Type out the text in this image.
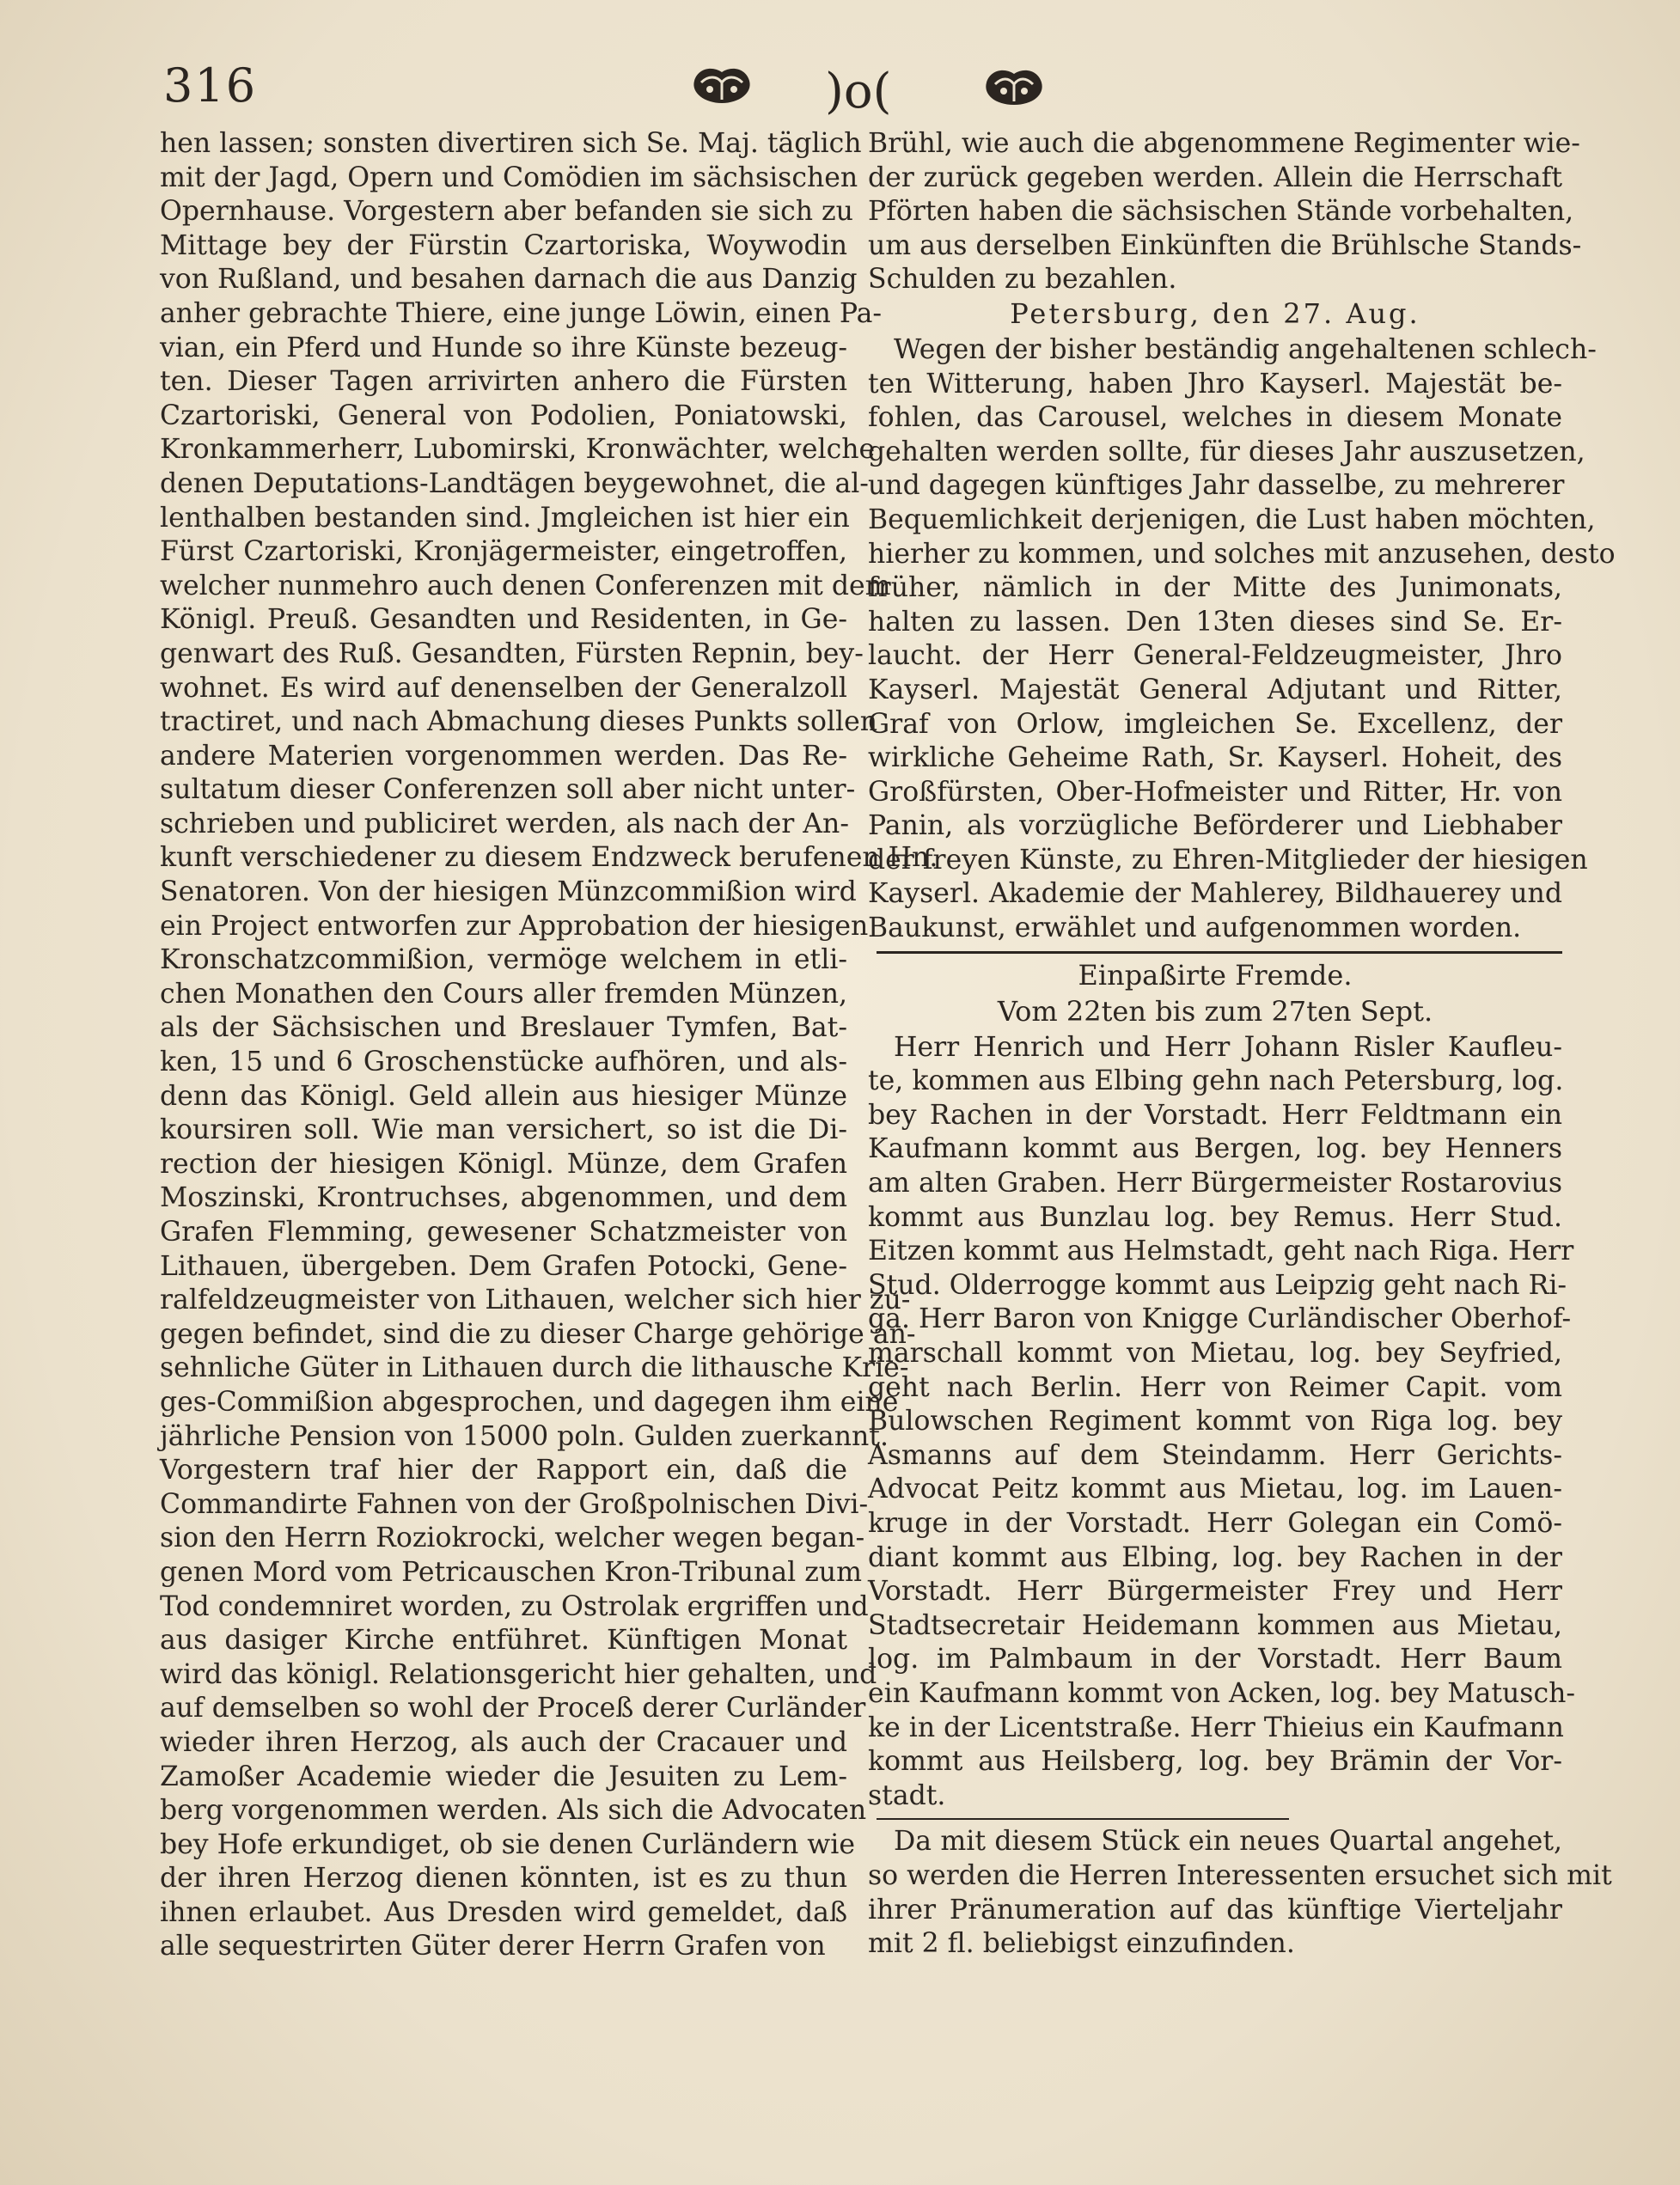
316	)o(
hen lassen; sonsten divertiren sich Se. Maj. täglich
mit der Jagd, Opern und Comödien im sächsischen
Opernhause. Vorgestern aber befanden sie sich zu
Mittage bey der Fürstin Czartoriska, Woywodin
von Rußland, und besahen darnach die aus Danzig
anher gebrachte Thiere, eine junge Löwin, einen Pa-
vian, ein Pferd und Hunde so ihre Künste bezeug-
ten. Dieser Tagen arrivirten anhero die Fürsten
Czartoriski, General von Podolien, Poniatowski,
Kronkammerherr, Lubomirski, Kronwächter, welche
denen Deputations-Landtägen beygewohnet, die al-
lenthalben bestanden sind. Jmgleichen ist hier ein
Fürst Czartoriski, Kronjägermeister, eingetroffen,
welcher nunmehro auch denen Conferenzen mit dem
Königl. Preuß. Gesandten und Residenten, in Ge-
genwart des Ruß. Gesandten, Fürsten Repnin, bey-
wohnet. Es wird auf denenselben der Generalzoll
tractiret, und nach Abmachung dieses Punkts sollen
andere Materien vorgenommen werden. Das Re-
sultatum dieser Conferenzen soll aber nicht unter-
schrieben und publiciret werden, als nach der An-
kunft verschiedener zu diesem Endzweck berufenen Hn.
Senatoren. Von der hiesigen Münzcommißion wird
ein Project entworfen zur Approbation der hiesigen
Kronschatzcommißion, vermöge welchem in etli-
chen Monathen den Cours aller fremden Münzen,
als der Sächsischen und Breslauer Tymfen, Bat-
ken, 15 und 6 Groschenstücke aufhören, und als-
denn das Königl. Geld allein aus hiesiger Münze
koursiren soll. Wie man versichert, so ist die Di-
rection der hiesigen Königl. Münze, dem Grafen
Moszinski, Krontruchses, abgenommen, und dem
Grafen Flemming, gewesener Schatzmeister von
Lithauen, übergeben. Dem Grafen Potocki, Gene-
ralfeldzeugmeister von Lithauen, welcher sich hier zu-
gegen befindet, sind die zu dieser Charge gehörige an-
sehnliche Güter in Lithauen durch die lithausche Krie-
ges-Commißion abgesprochen, und dagegen ihm eine
jährliche Pension von 15000 poln. Gulden zuerkannt.
Vorgestern traf hier der Rapport ein, daß die
Commandirte Fahnen von der Großpolnischen Divi-
sion den Herrn Roziokrocki, welcher wegen began-
genen Mord vom Petricauschen Kron-Tribunal zum
Tod condemniret worden, zu Ostrolak ergriffen und
aus dasiger Kirche entführet. Künftigen Monat
wird das königl. Relationsgericht hier gehalten, und
auf demselben so wohl der Proceß derer Curländer
wieder ihren Herzog, als auch der Cracauer und
Zamoßer Academie wieder die Jesuiten zu Lem-
berg vorgenommen werden. Als sich die Advocaten
bey Hofe erkundiget, ob sie denen Curländern wie
der ihren Herzog dienen könnten, ist es zu thun
ihnen erlaubet. Aus Dresden wird gemeldet, daß
alle sequestrirten Güter derer Herrn Grafen von
Brühl, wie auch die abgenommene Regimenter wie-
der zurück gegeben werden. Allein die Herrschaft
Pförten haben die sächsischen Stände vorbehalten,
um aus derselben Einkünften die Brühlsche Stands-
Schulden zu bezahlen.
Petersburg, den 27. Aug.
Wegen der bisher beständig angehaltenen schlech-
ten Witterung, haben Jhro Kayserl. Majestät be-
fohlen, das Carousel, welches in diesem Monate
gehalten werden sollte, für dieses Jahr auszusetzen,
und dagegen künftiges Jahr dasselbe, zu mehrerer
Bequemlichkeit derjenigen, die Lust haben möchten,
hierher zu kommen, und solches mit anzusehen, desto
früher, nämlich in der Mitte des Junimonats,
halten zu lassen. Den 13ten dieses sind Se. Er-
laucht. der Herr General-Feldzeugmeister, Jhro
Kayserl. Majestät General Adjutant und Ritter,
Graf von Orlow, imgleichen Se. Excellenz, der
wirkliche Geheime Rath, Sr. Kayserl. Hoheit, des
Großfürsten, Ober-Hofmeister und Ritter, Hr. von
Panin, als vorzügliche Beförderer und Liebhaber
der freyen Künste, zu Ehren-Mitglieder der hiesigen
Kayserl. Akademie der Mahlerey, Bildhauerey und
Baukunst, erwählet und aufgenommen worden.
Einpaßirte Fremde.
Vom 22ten bis zum 27ten Sept.
Herr Henrich und Herr Johann Risler Kaufleu-
te, kommen aus Elbing gehn nach Petersburg, log.
bey Rachen in der Vorstadt. Herr Feldtmann ein
Kaufmann kommt aus Bergen, log. bey Henners
am alten Graben. Herr Bürgermeister Rostarovius
kommt aus Bunzlau log. bey Remus. Herr Stud.
Eitzen kommt aus Helmstadt, geht nach Riga. Herr
Stud. Olderrogge kommt aus Leipzig geht nach Ri-
ga. Herr Baron von Knigge Curländischer Oberhof-
marschall kommt von Mietau, log. bey Seyfried,
geht nach Berlin. Herr von Reimer Capit. vom
Bulowschen Regiment kommt von Riga log. bey
Asmanns auf dem Steindamm. Herr Gerichts-
Advocat Peitz kommt aus Mietau, log. im Lauen-
kruge in der Vorstadt. Herr Golegan ein Comö-
diant kommt aus Elbing, log. bey Rachen in der
Vorstadt. Herr Bürgermeister Frey und Herr
Stadtsecretair Heidemann kommen aus Mietau,
log. im Palmbaum in der Vorstadt. Herr Baum
ein Kaufmann kommt von Acken, log. bey Matusch-
ke in der Licentstraße. Herr Thieius ein Kaufmann
kommt aus Heilsberg, log. bey Brämin der Vor-
stadt.
Da mit diesem Stück ein neues Quartal angehet,
so werden die Herren Interessenten ersuchet sich mit
ihrer Pränumeration auf das künftige Vierteljahr
mit 2 fl. beliebigst einzufinden.
